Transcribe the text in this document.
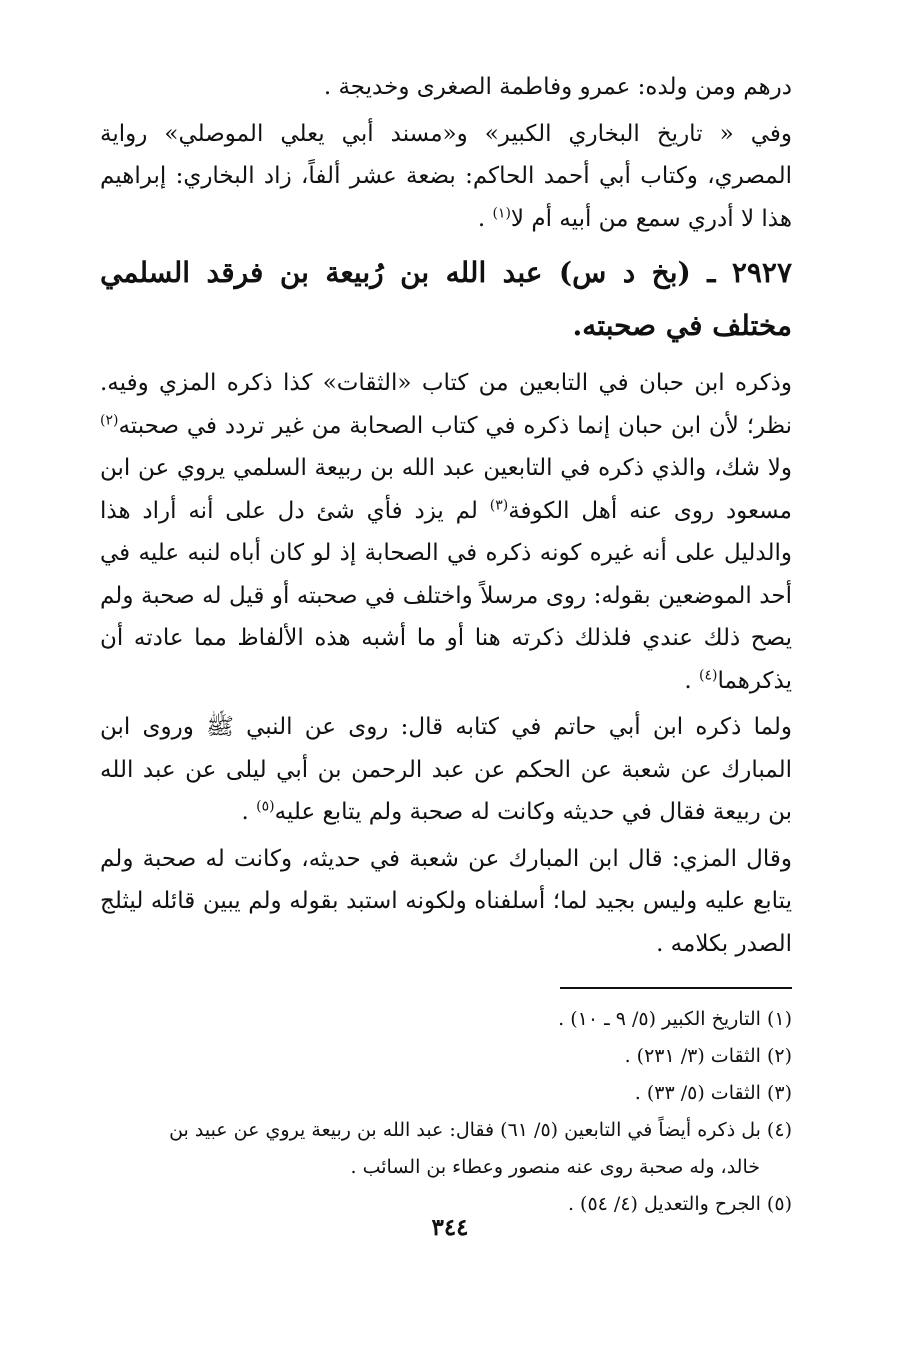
درهم ومن ولده: عمرو وفاطمة الصغرى وخديجة .

وفي « تاريخ البخاري الكبير» و«مسند أبي يعلي الموصلي» رواية المصري، وكتاب أبي أحمد الحاكم: بضعة عشر ألفاً، زاد البخاري: إبراهيم هذا لا أدري سمع من أبيه أم لا$^{(١)}$ .

٢٩٢٧ ـ (بخ د س) عبد الله بن رُبيعة بن فرقد السلمي مختلف في صحبته.

وذكره ابن حبان في التابعين من كتاب «الثقات» كذا ذكره المزي وفيه. نظر؛ لأن ابن حبان إنما ذكره في كتاب الصحابة من غير تردد في صحبته$^{(٢)}$ ولا شك، والذي ذكره في التابعين عبد الله بن ربيعة السلمي يروي عن ابن مسعود روى عنه أهل الكوفة$^{(٣)}$ لم يزد فأي شئ دل على أنه أراد هذا والدليل على أنه غيره كونه ذكره في الصحابة إذ لو كان أباه لنبه عليه في أحد الموضعين بقوله: روى مرسلاً واختلف في صحبته أو قيل له صحبة ولم يصح ذلك عندي فلذلك ذكرته هنا أو ما أشبه هذه الألفاظ مما عادته أن يذكرهما$^{(٤)}$ .

ولما ذكره ابن أبي حاتم في كتابه قال: روى عن النبي ﷺ وروى ابن المبارك عن شعبة عن الحكم عن عبد الرحمن بن أبي ليلى عن عبد الله بن ربيعة فقال في حديثه وكانت له صحبة ولم يتابع عليه$^{(٥)}$ .

وقال المزي: قال ابن المبارك عن شعبة في حديثه، وكانت له صحبة ولم يتابع عليه وليس بجيد لما؛ أسلفناه ولكونه استبد بقوله ولم يبين قائله ليثلج الصدر بكلامه .

(١) التاريخ الكبير (٥/ ٩ ـ ١٠) .

(٢) الثقات (٣/ ٢٣١) .

(٣) الثقات (٥/ ٣٣) .

(٤) بل ذكره أيضاً في التابعين (٥/ ٦١) فقال: عبد الله بن ربيعة يروي عن عبيد بن

خالد، وله صحبة روى عنه منصور وعطاء بن السائب .

(٥) الجرح والتعديل (٤/ ٥٤) .

٣٤٤
